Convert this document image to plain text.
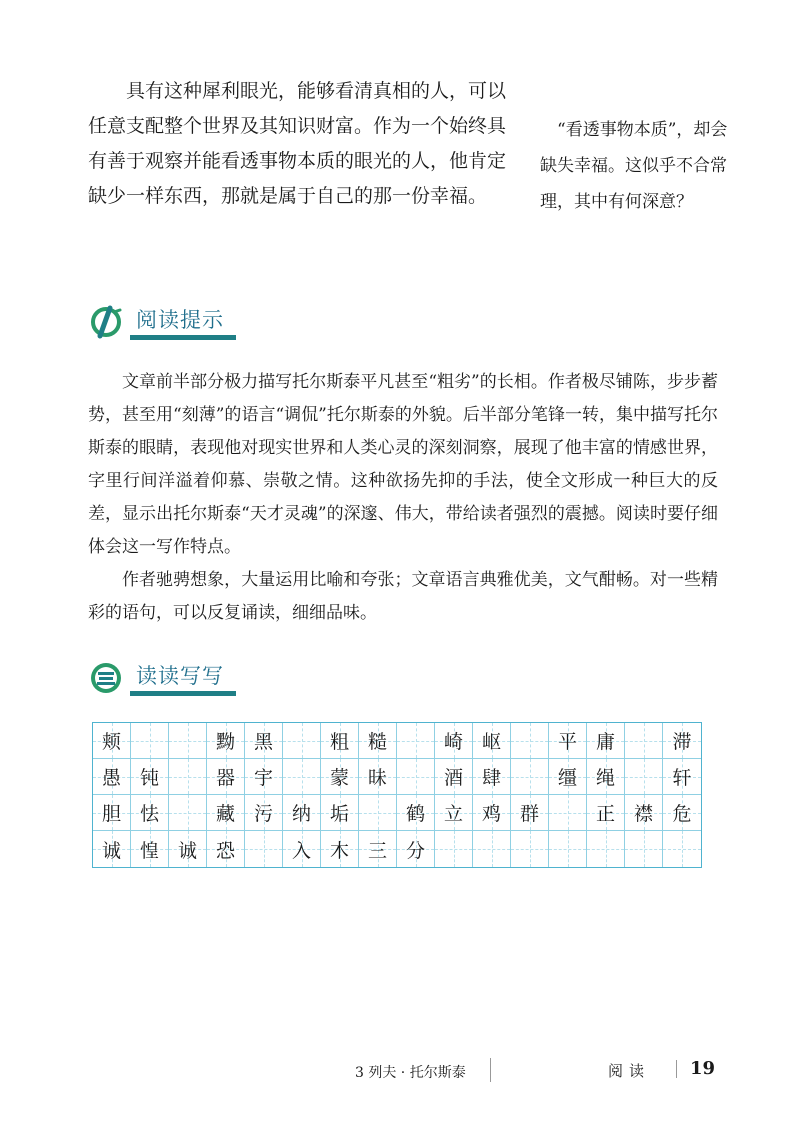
具有这种犀利眼光，能够看清真相的人，可以任意支配整个世界及其知识财富。作为一个始终具有善于观察并能看透事物本质的眼光的人，他肯定缺少一样东西，那就是属于自己的那一份幸福。

“看透事物本质”，却会缺失幸福。这似乎不合常理，其中有何深意？

阅读提示

文章前半部分极力描写托尔斯泰平凡甚至“粗劣”的长相。作者极尽铺陈，步步蓄势，甚至用“刻薄”的语言“调侃”托尔斯泰的外貌。后半部分笔锋一转，集中描写托尔斯泰的眼睛，表现他对现实世界和人类心灵的深刻洞察，展现了他丰富的情感世界，字里行间洋溢着仰慕、崇敬之情。这种欲扬先抑的手法，使全文形成一种巨大的反差，显示出托尔斯泰“天才灵魂”的深邃、伟大，带给读者强烈的震撼。阅读时要仔细体会这一写作特点。

作者驰骋想象，大量运用比喻和夸张；文章语言典雅优美，文气酣畅。对一些精彩的语句，可以反复诵读，细细品味。

读读写写
颊	黝 黑	粗 糙	崎 岖	平 庸	滞
愚 钝	器 宇	蒙 昧	酒 肆	缰 绳	轩
胆 怯	藏 污 纳 垢	鹤 立 鸡 群	正 襟 危
诚 惶 诚 恐	入 木 三 分
3 列夫 · 托尔斯泰	阅读 19
